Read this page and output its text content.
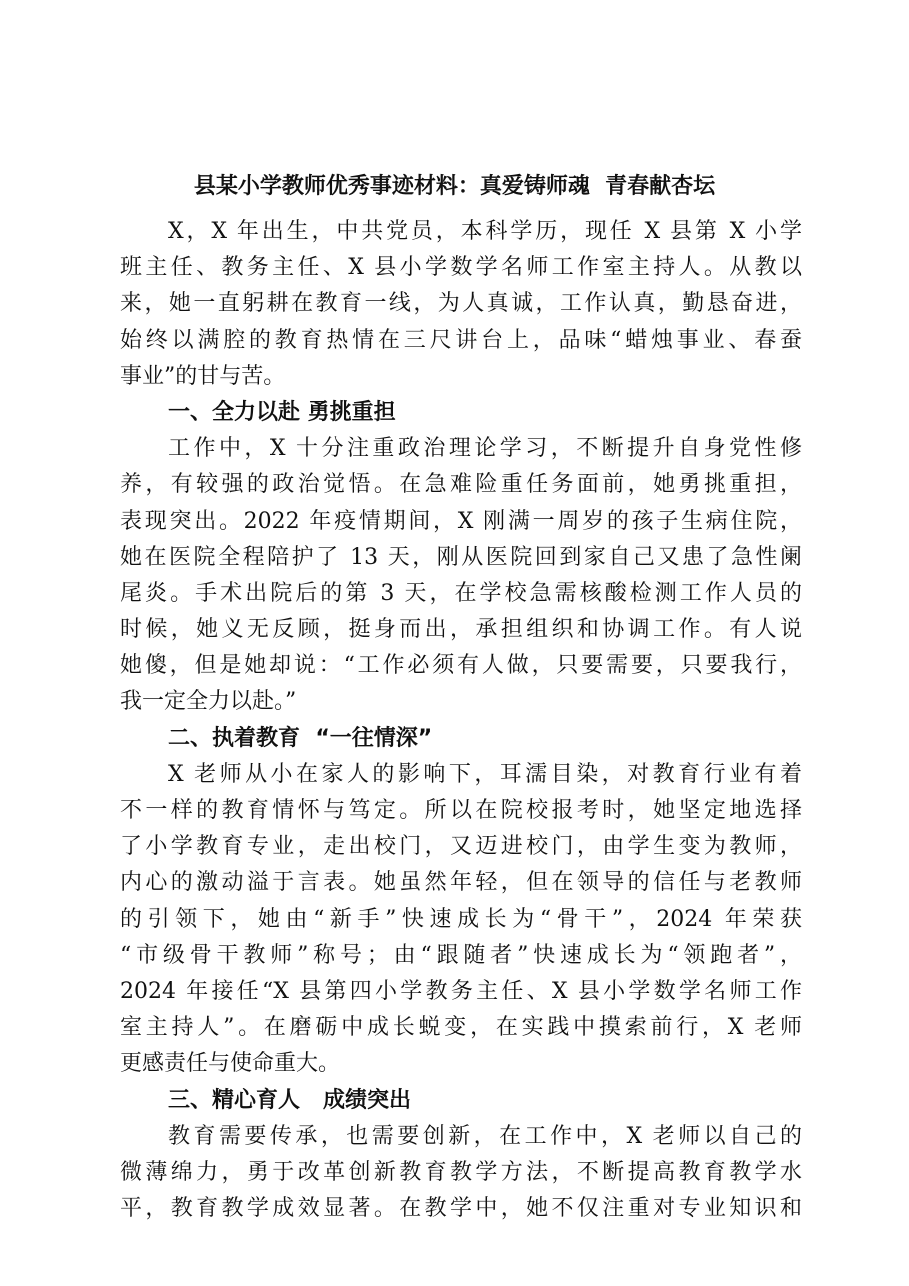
县某小学教师优秀事迹材料：真爱铸师魂  青春献杏坛
X，X 年出生，中共党员，本科学历，现任 X 县第 X 小学
班主任、教务主任、X 县小学数学名师工作室主持人。从教以
来，她一直躬耕在教育一线，为人真诚，工作认真，勤恳奋进，
始终以满腔的教育热情在三尺讲台上，品味“蜡烛事业、春蚕
事业”的甘与苦。
一、全力以赴 勇挑重担
工作中，X 十分注重政治理论学习，不断提升自身党性修
养，有较强的政治觉悟。在急难险重任务面前，她勇挑重担，
表现突出。2022 年疫情期间，X 刚满一周岁的孩子生病住院，
她在医院全程陪护了 13 天，刚从医院回到家自己又患了急性阑
尾炎。手术出院后的第 3 天，在学校急需核酸检测工作人员的
时候，她义无反顾，挺身而出，承担组织和协调工作。有人说
她傻，但是她却说：“工作必须有人做，只要需要，只要我行，
我一定全力以赴。”
二、执着教育  “一往情深”
X 老师从小在家人的影响下，耳濡目染，对教育行业有着
不一样的教育情怀与笃定。所以在院校报考时，她坚定地选择
了小学教育专业，走出校门，又迈进校门，由学生变为教师，
内心的激动溢于言表。她虽然年轻，但在领导的信任与老教师
的引领下，她由“新手”快速成长为“骨干”，2024 年荣获
“市级骨干教师”称号；由“跟随者”快速成长为“领跑者”，
2024 年接任“X 县第四小学教务主任、X 县小学数学名师工作
室主持人”。在磨砺中成长蜕变，在实践中摸索前行，X 老师
更感责任与使命重大。
三、精心育人   成绩突出
教育需要传承，也需要创新，在工作中，X 老师以自己的
微薄绵力，勇于改革创新教育教学方法，不断提高教育教学水
平，教育教学成效显著。在教学中，她不仅注重对专业知识和
